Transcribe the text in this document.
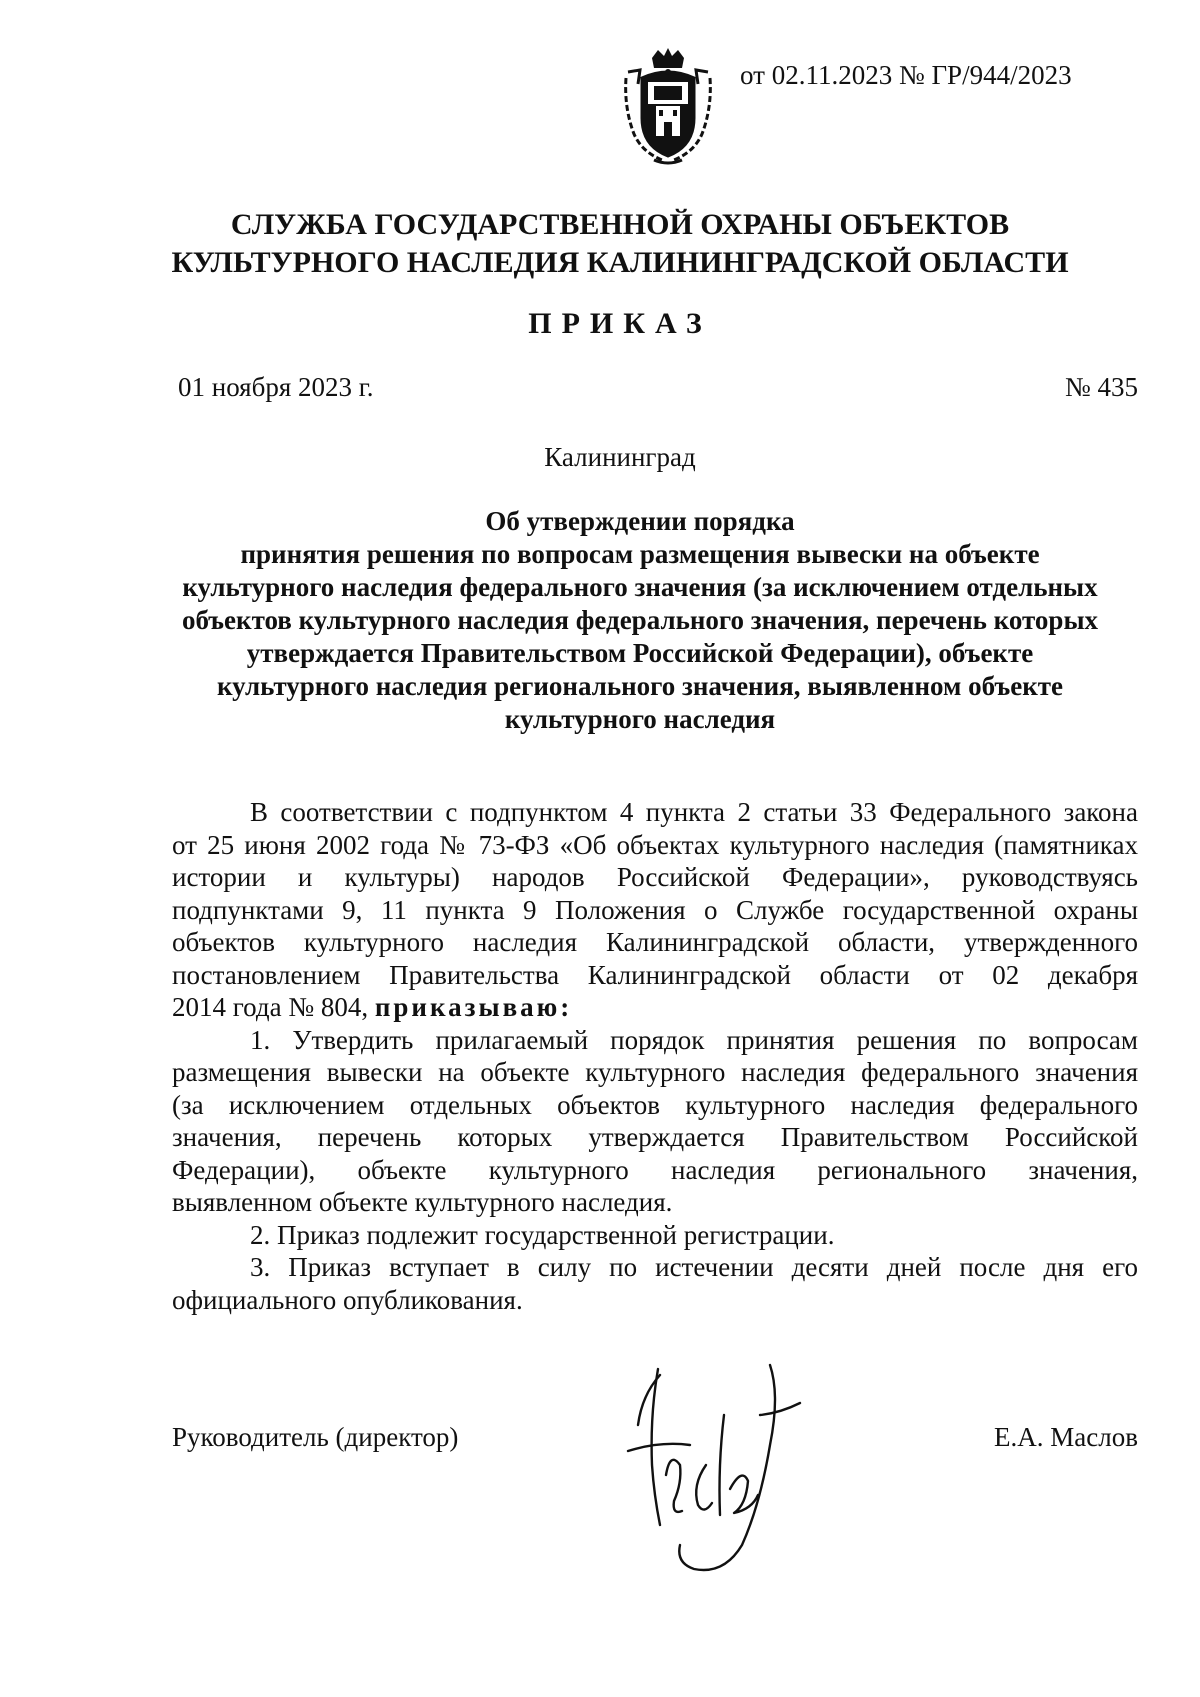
от 02.11.2023 № ГР/944/2023
СЛУЖБА ГОСУДАРСТВЕННОЙ ОХРАНЫ ОБЪЕКТОВ
КУЛЬТУРНОГО НАСЛЕДИЯ КАЛИНИНГРАДСКОЙ ОБЛАСТИ
ПРИКАЗ
01 ноября 2023 г.	№ 435
Калининград
Об утверждении порядка
принятия решения по вопросам размещения вывески на объекте
культурного наследия федерального значения (за исключением отдельных
объектов культурного наследия федерального значения, перечень которых
утверждается Правительством Российской Федерации), объекте
культурного наследия регионального значения, выявленном объекте
культурного наследия
В соответствии с подпунктом 4 пункта 2 статьи 33 Федерального закона
от 25 июня 2002 года № 73-ФЗ «Об объектах культурного наследия (памятниках
истории и культуры) народов Российской Федерации», руководствуясь
подпунктами 9, 11 пункта 9 Положения о Службе государственной охраны
объектов культурного наследия Калининградской области, утвержденного
постановлением Правительства Калининградской области от 02 декабря
2014 года № 804, приказываю:
1. Утвердить прилагаемый порядок принятия решения по вопросам
размещения вывески на объекте культурного наследия федерального значения
(за исключением отдельных объектов культурного наследия федерального
значения, перечень которых утверждается Правительством Российской
Федерации), объекте культурного наследия регионального значения,
выявленном объекте культурного наследия.
2. Приказ подлежит государственной регистрации.
3. Приказ вступает в силу по истечении десяти дней после дня его
официального опубликования.
Руководитель (директор)	Е.А. Маслов
